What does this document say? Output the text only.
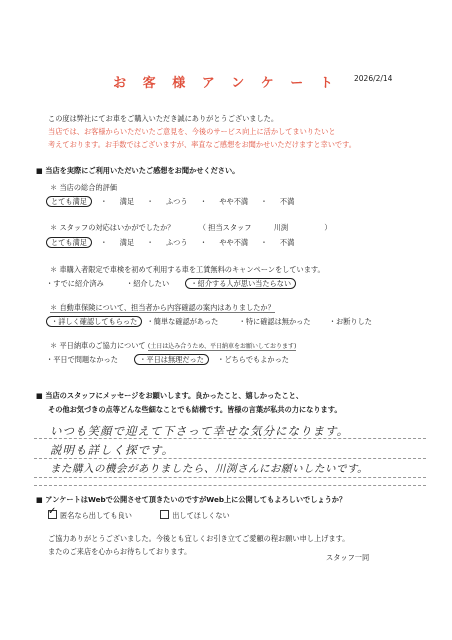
お 客 様 ア ン ケ ー ト	2026/2/14
この度は弊社にてお車をご購入いただき誠にありがとうございました。
当店では、お客様からいただいたご意見を、今後のサービス向上に活かしてまいりたいと
考えております。お手数ではございますが、率直なご感想をお聞かせいただけますと幸いです。
■ 当店を実際にご利用いただいたご感想をお聞かせください。
＊ 当店の総合的評価
とても満足 ・ 満足 ・ ふつう ・ やや不満 ・ 不満
＊ スタッフの対応はいかがでしたか？	（ 担当スタッフ	川渕	）
とても満足 ・ 満足 ・ ふつう ・ やや不満 ・ 不満
＊ 車購入者限定で車検を初めて利用する車を工賃無料のキャンペーンをしています。
・すでに紹介済み	・紹介したい	・紹介する人が思い当たらない
＊ 自動車保険について、担当者から内容確認の案内はありましたか？
・詳しく確認してもらった ・簡単な確認があった	・特に確認は無かった	・お断りした
＊ 平日納車のご協力について (土日は込み合うため、平日納車をお願いしております)
・平日で問題なかった	・平日は無理だった ・どちらでもよかった
■ 当店のスタッフにメッセージをお願いします。良かったこと、嬉しかったこと、
その他お気づきの点等どんな些細なことでも結構です。皆様の言葉が私共の力になります。
いつも笑顔で迎えて下さって幸せな気分になります。
説明も詳しく探です。
また購入の機会がありましたら、川渕さんにお願いしたいです。
■ アンケートはWebで公開させて頂きたいのですがWeb上に公開してもよろしいでしょうか？
✓匿名なら出しても良い	出してほしくない
ご協力ありがとうございました。今後とも宜しくお引き立てご愛顧の程お願い申し上げます。
またのご来店を心からお待ちしております。
スタッフ一同
